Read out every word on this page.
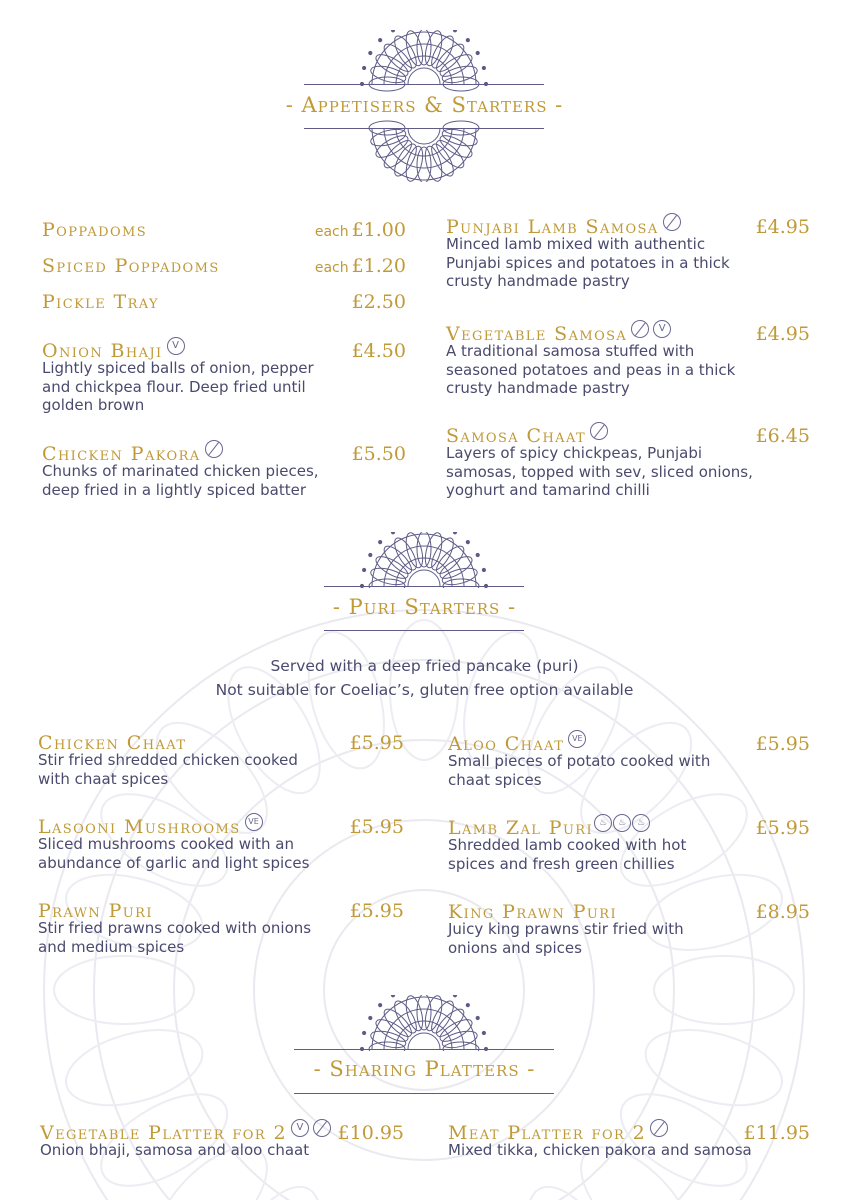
- Appetisers & Starters -
- Puri Starters -
- Sharing Platters -
Poppadoms	each £1.00
Spiced Poppadoms	each £1.20
Pickle Tray	£2.50
Onion Bhaji V	£4.50
Lightly spiced balls of onion, pepper
and chickpea flour. Deep fried until
golden brown
Chicken Pakora	£5.50
Chunks of marinated chicken pieces,
deep fried in a lightly spiced batter
Punjabi Lamb Samosa	£4.95
Minced lamb mixed with authentic
Punjabi spices and potatoes in a thick
crusty handmade pastry
Vegetable Samosa	V	£4.95
A traditional samosa stuffed with
seasoned potatoes and peas in a thick
crusty handmade pastry
Samosa Chaat	£6.45
Layers of spicy chickpeas, Punjabi
samosas, topped with sev, sliced onions,
yoghurt and tamarind chilli
Chicken Chaat	£5.95
Stir fried shredded chicken cooked
with chaat spices
Lasooni Mushrooms VE	£5.95
Sliced mushrooms cooked with an
abundance of garlic and light spices
Prawn Puri	£5.95
Stir fried prawns cooked with onions
and medium spices
Aloo Chaat VE	£5.95
Small pieces of potato cooked with
chaat spices
Lamb Zal Puri ♨ ♨ ♨	£5.95
Shredded lamb cooked with hot
spices and fresh green chillies
King Prawn Puri	£8.95
Juicy king prawns stir fried with
onions and spices
Vegetable Platter for 2 V	£10.95
Onion bhaji, samosa and aloo chaat
Meat Platter for 2	£11.95
Mixed tikka, chicken pakora and samosa
Served with a deep fried pancake (puri)
Not suitable for Coeliac’s, gluten free option available
